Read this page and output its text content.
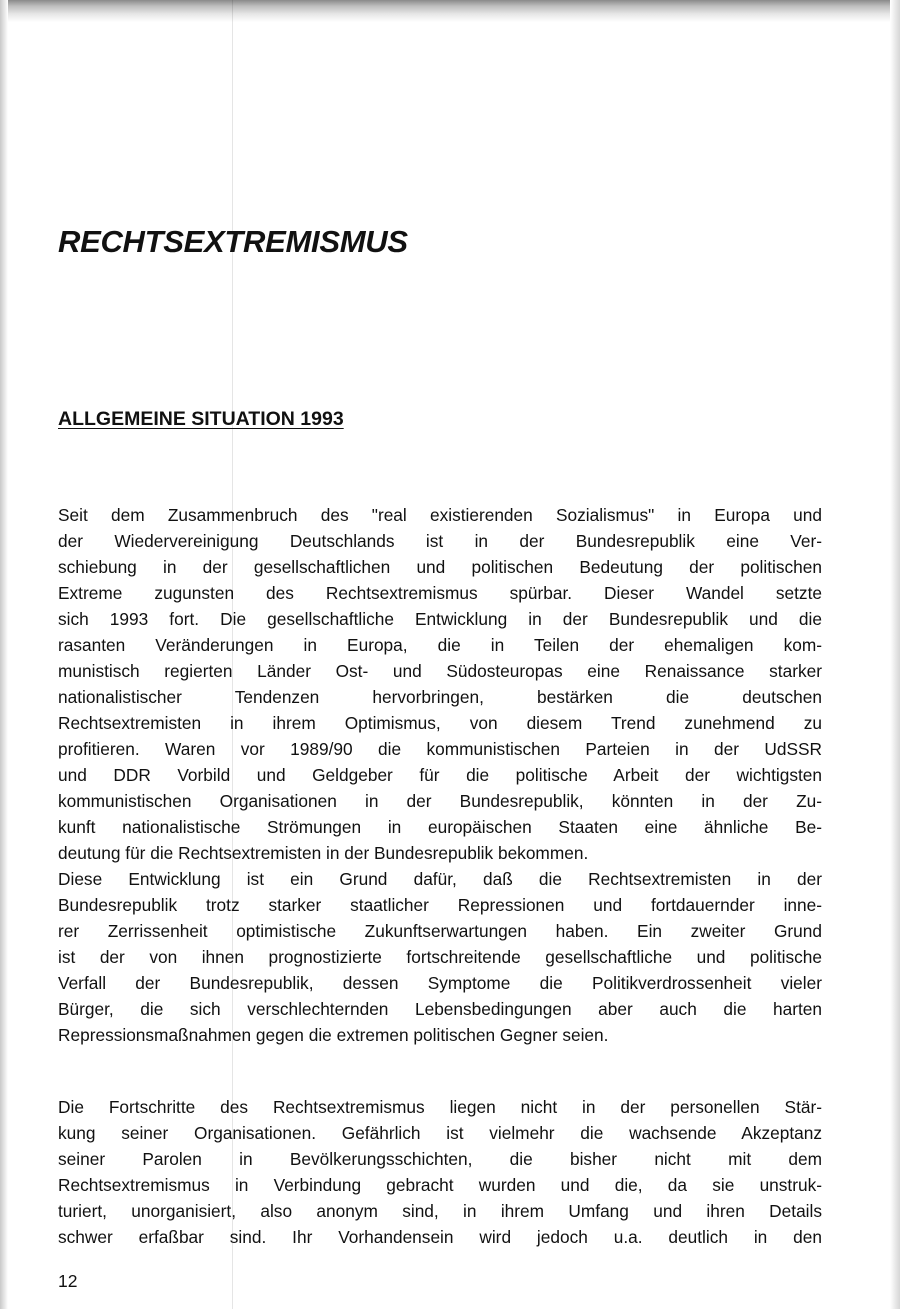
RECHTSEXTREMISMUS
ALLGEMEINE SITUATION 1993
Seit dem Zusammenbruch des "real existierenden Sozialismus" in Europa und
der Wiedervereinigung Deutschlands ist in der Bundesrepublik eine Ver-
schiebung in der gesellschaftlichen und politischen Bedeutung der politischen
Extreme zugunsten des Rechtsextremismus spürbar. Dieser Wandel setzte
sich 1993 fort. Die gesellschaftliche Entwicklung in der Bundesrepublik und die
rasanten Veränderungen in Europa, die in Teilen der ehemaligen kom-
munistisch regierten Länder Ost- und Südosteuropas eine Renaissance starker
nationalistischer Tendenzen hervorbringen, bestärken die deutschen
Rechtsextremisten in ihrem Optimismus, von diesem Trend zunehmend zu
profitieren. Waren vor 1989/90 die kommunistischen Parteien in der UdSSR
und DDR Vorbild und Geldgeber für die politische Arbeit der wichtigsten
kommunistischen Organisationen in der Bundesrepublik, könnten in der Zu-
kunft nationalistische Strömungen in europäischen Staaten eine ähnliche Be-
deutung für die Rechtsextremisten in der Bundesrepublik bekommen.
Diese Entwicklung ist ein Grund dafür, daß die Rechtsextremisten in der
Bundesrepublik trotz starker staatlicher Repressionen und fortdauernder inne-
rer Zerrissenheit optimistische Zukunftserwartungen haben. Ein zweiter Grund
ist der von ihnen prognostizierte fortschreitende gesellschaftliche und politische
Verfall der Bundesrepublik, dessen Symptome die Politikverdrossenheit vieler
Bürger, die sich verschlechternden Lebensbedingungen aber auch die harten
Repressionsmaßnahmen gegen die extremen politischen Gegner seien.
Die Fortschritte des Rechtsextremismus liegen nicht in der personellen Stär-
kung seiner Organisationen. Gefährlich ist vielmehr die wachsende Akzeptanz
seiner Parolen in Bevölkerungsschichten, die bisher nicht mit dem
Rechtsextremismus in Verbindung gebracht wurden und die, da sie unstruk-
turiert, unorganisiert, also anonym sind, in ihrem Umfang und ihren Details
schwer erfaßbar sind. Ihr Vorhandensein wird jedoch u.a. deutlich in den
12
